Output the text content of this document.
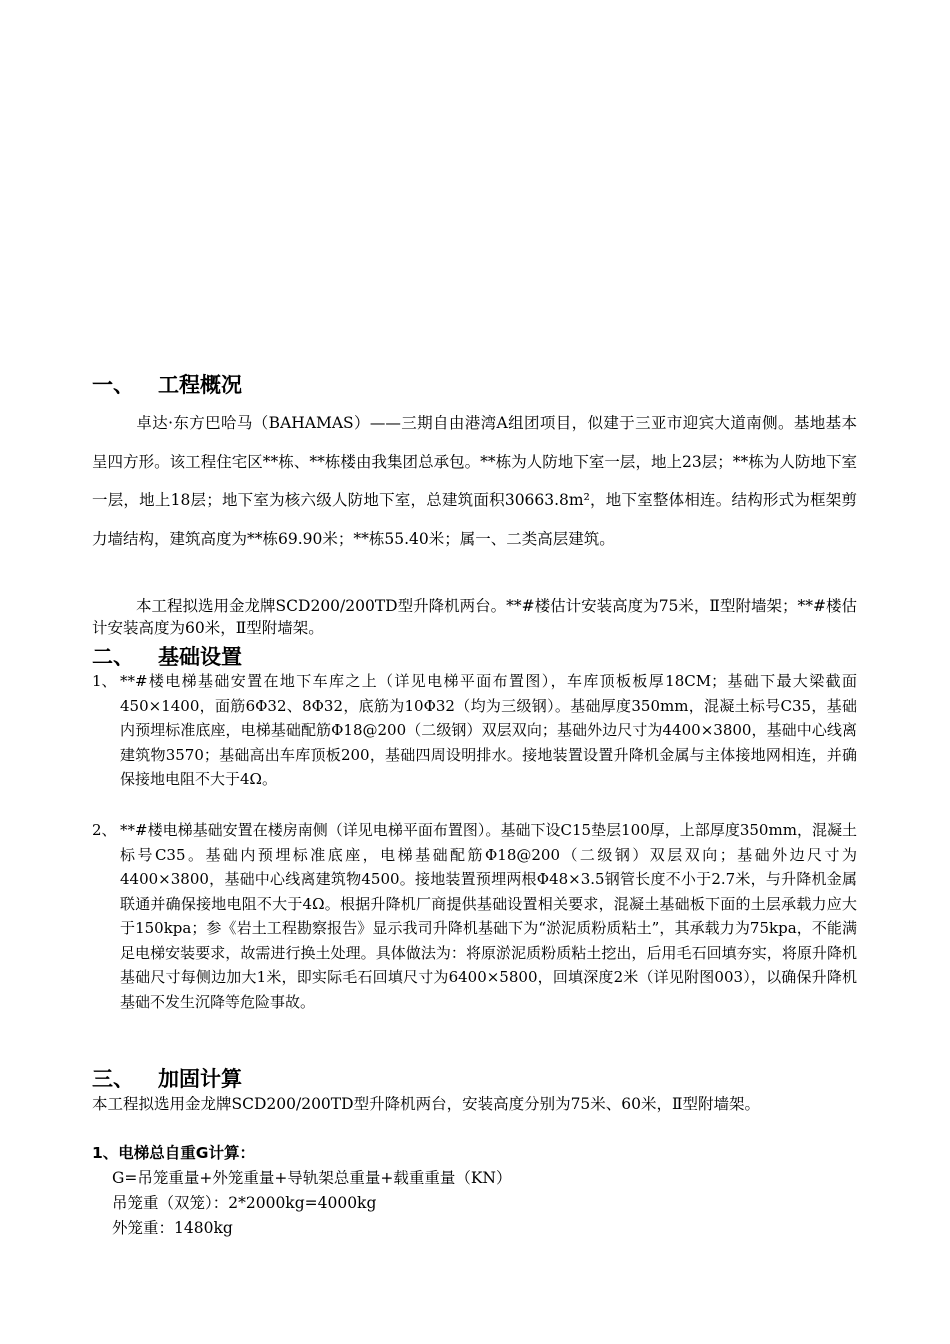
一、 工程概况
卓达·东方巴哈马（BAHAMAS）——三期自由港湾A组团项目，似建于三亚市迎宾大道南侧。基地基本呈四方形。该工程住宅区**栋、**栋楼由我集团总承包。**栋为人防地下室一层，地上23层；**栋为人防地下室一层，地上18层；地下室为核六级人防地下室，总建筑面积30663.8m²，地下室整体相连。结构形式为框架剪力墙结构，建筑高度为**栋69.90米；**栋55.40米；属一、二类高层建筑。
本工程拟选用金龙牌SCD200/200TD型升降机两台。**#楼估计安装高度为75米，Ⅱ型附墙架；**#楼估计安装高度为60米，Ⅱ型附墙架。
二、 基础设置
1、 **#楼电梯基础安置在地下车库之上（详见电梯平面布置图），车库顶板板厚18CM；基础下最大梁截面450×1400，面筋6Φ32、8Φ32，底筋为10Φ32（均为三级钢）。基础厚度350mm，混凝土标号C35，基础内预埋标准底座，电梯基础配筋Φ18@200（二级钢）双层双向；基础外边尺寸为4400×3800，基础中心线离建筑物3570；基础高出车库顶板200，基础四周设明排水。接地装置设置升降机金属与主体接地网相连，并确保接地电阻不大于4Ω。
2、 **#楼电梯基础安置在楼房南侧（详见电梯平面布置图）。基础下设C15垫层100厚，上部厚度350mm，混凝土标号C35。基础内预埋标准底座，电梯基础配筋Φ18@200（二级钢）双层双向；基础外边尺寸为4400×3800，基础中心线离建筑物4500。接地装置预埋两根Φ48×3.5钢管长度不小于2.7米，与升降机金属联通并确保接地电阻不大于4Ω。根据升降机厂商提供基础设置相关要求，混凝土基础板下面的土层承载力应大于150kpa；参《岩土工程勘察报告》显示我司升降机基础下为“淤泥质粉质粘土”，其承载力为75kpa，不能满足电梯安装要求，故需进行换土处理。具体做法为：将原淤泥质粉质粘土挖出，后用毛石回填夯实，将原升降机基础尺寸每侧边加大1米，即实际毛石回填尺寸为6400×5800，回填深度2米（详见附图003），以确保升降机基础不发生沉降等危险事故。
三、 加固计算
本工程拟选用金龙牌SCD200/200TD型升降机两台，安装高度分别为75米、60米，Ⅱ型附墙架。
1、电梯总自重G计算：
G=吊笼重量+外笼重量+导轨架总重量+载重重量（KN）
吊笼重（双笼）：2*2000kg=4000kg
外笼重：1480kg
